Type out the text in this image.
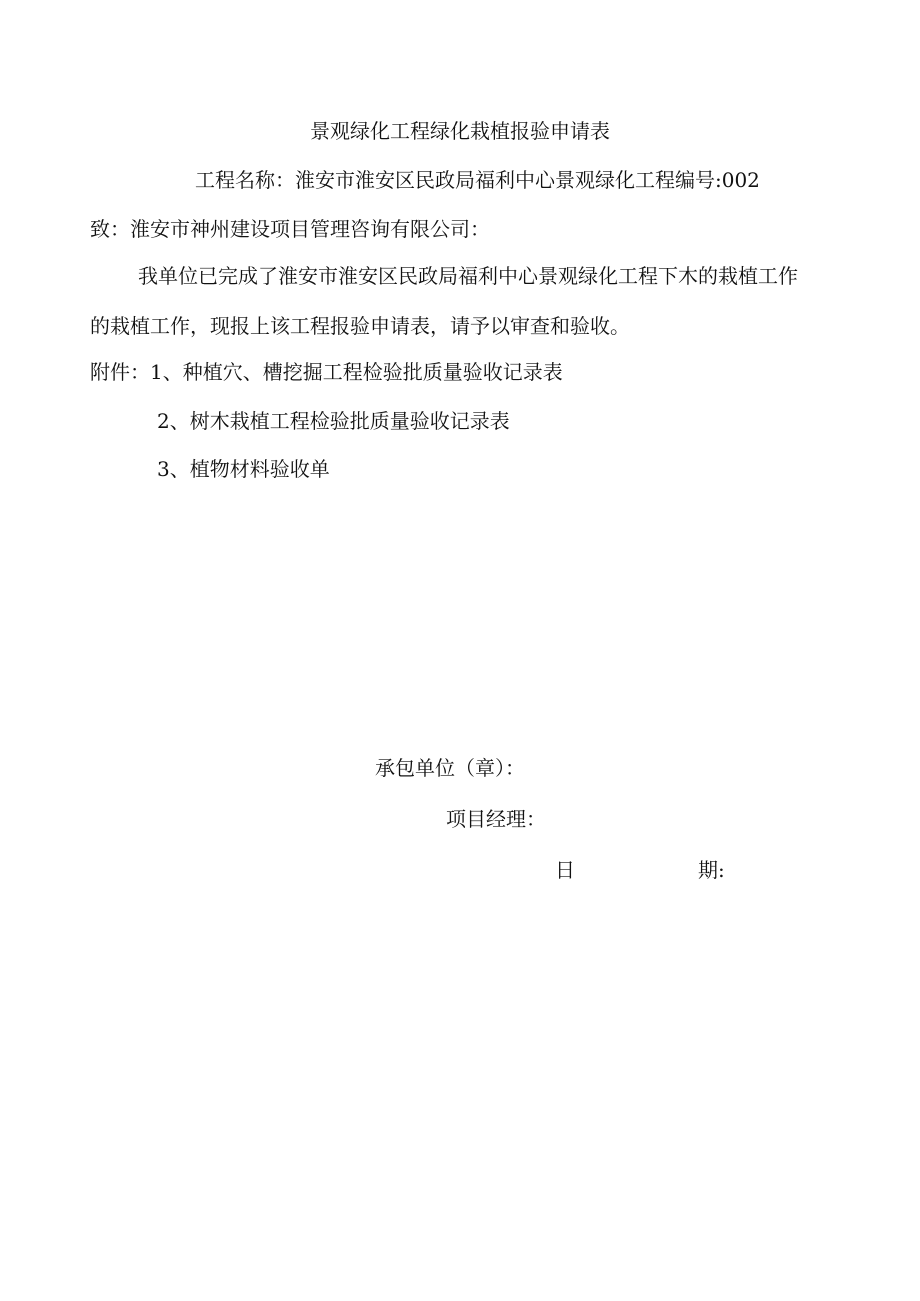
景观绿化工程绿化栽植报验申请表
工程名称：淮安市淮安区民政局福利中心景观绿化工程编号:002
致：淮安市神州建设项目管理咨询有限公司：
我单位已完成了淮安市淮安区民政局福利中心景观绿化工程下木的栽植工作
的栽植工作，现报上该工程报验申请表，请予以审查和验收。
附件：1、种植穴、槽挖掘工程检验批质量验收记录表
2、树木栽植工程检验批质量验收记录表
3、植物材料验收单
承包单位（章）：
项目经理：
日	期:
